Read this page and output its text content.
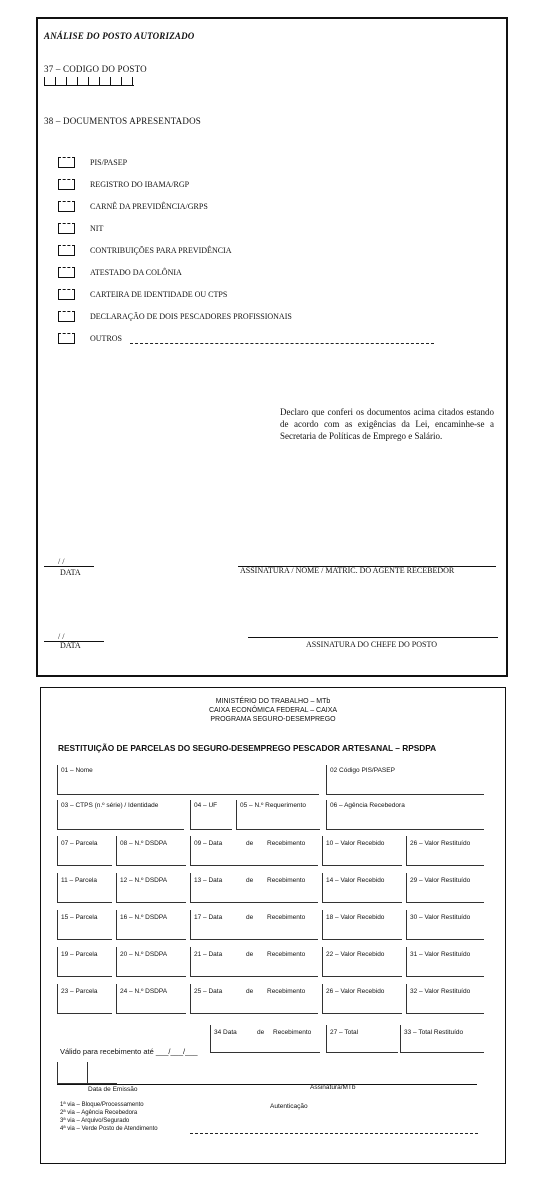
ANÁLISE DO POSTO AUTORIZADO
37 – CODIGO DO POSTO
38 – DOCUMENTOS APRESENTADOS
PIS/PASEP
REGISTRO DO IBAMA/RGP
CARNÊ DA PREVIDÊNCIA/GRPS
NIT
CONTRIBUIÇÕES PARA PREVIDÊNCIA
ATESTADO DA COLÔNIA
CARTEIRA DE IDENTIDADE OU CTPS
DECLARAÇÃO DE DOIS PESCADORES PROFISSIONAIS
OUTROS
Declaro que conferi os documentos acima citados estando de acordo com as exigências da Lei, encaminhe-se a Secretaria de Políticas de Emprego e Salário.
/ /
DATA	ASSINATURA / NOME / MATRIC. DO AGENTE RECEBEDOR
/ /
DATA	ASSINATURA DO CHEFE DO POSTO
MINISTÉRIO DO TRABALHO – MTb
CAIXA ECONÔMICA FEDERAL – CAIXA
PROGRAMA SEGURO-DESEMPREGO
RESTITUIÇÃO DE PARCELAS DO SEGURO-DESEMPREGO PESCADOR ARTESANAL – RPSDPA
01 – Nome	02 Código PIS/PASEP
03 – CTPS (n.º série) / Identidade	04 – UF	05 – N.º Requerimento	06 – Agência Recebedora
07 – Parcela	08 – N.º DSDPA	09 – Data	de Recebimento	10 – Valor Recebido	26 – Valor Restituído
11 – Parcela	12 – N.º DSDPA	13 – Data	de Recebimento	14 – Valor Recebido	29 – Valor Restituído
15 – Parcela	16 – N.º DSDPA	17 – Data	de Recebimento	18 – Valor Recebido	30 – Valor Restituído
19 – Parcela	20 – N.º DSDPA	21 – Data	de Recebimento	22 – Valor Recebido	31 – Valor Restituído
23 – Parcela	24 – N.º DSDPA	25 – Data	de Recebimento	26 – Valor Recebido	32 – Valor Restituído
34 Data	de Recebimento	27 – Total	33 – Total Restituído
Válido para recebimento até ___/___/___
Data de Emissão	Assinatura/MTb
Autenticação
1ª via – Bloque/Processamento
2ª via – Agência Recebedora
3ª via – Arquivo/Segurado
4ª via – Verde Posto de Atendimento
